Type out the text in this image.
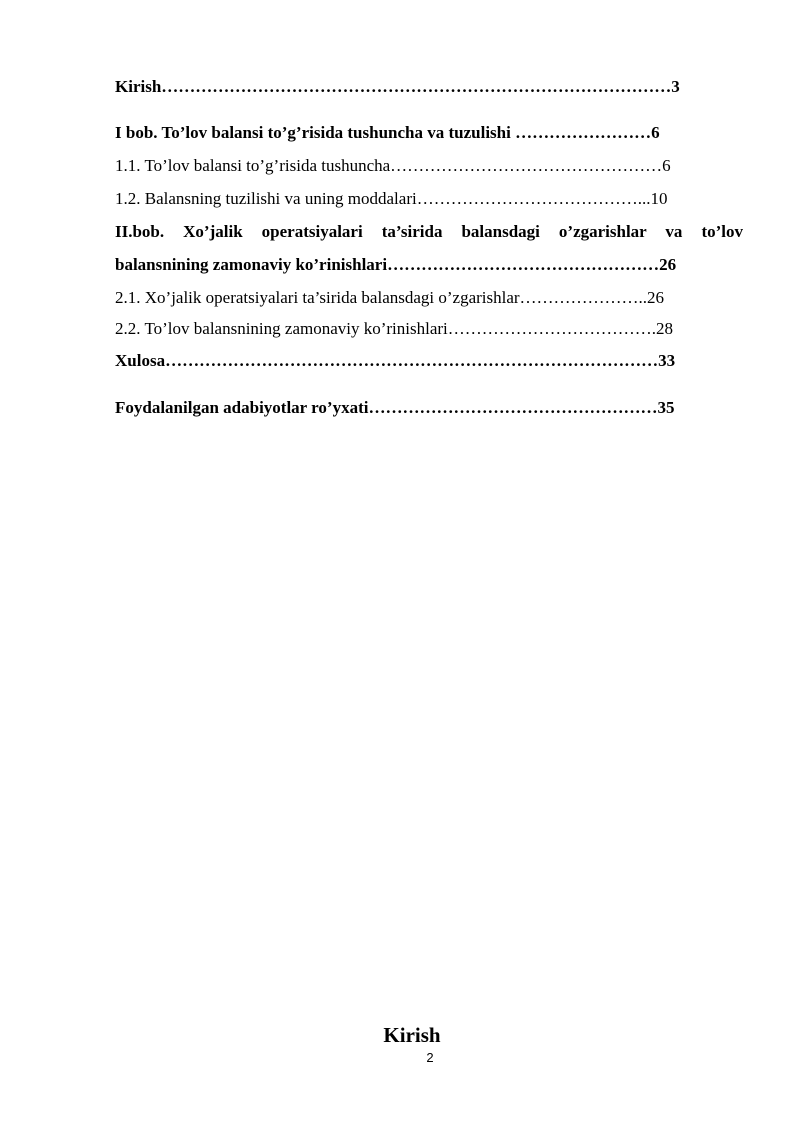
Kirish………………………………………………………………………………3
I bob. To’lov balansi to’g’risida tushuncha va tuzulishi ……………………6
1.1. To’lov balansi to’g’risida tushuncha…………………………………………6
1.2. Balansning tuzilishi va uning moddalari…………………………………...10
II.bob. Xo’jalik operatsiyalari ta’sirida balansdagi o’zgarishlar va to’lov
balansnining zamonaviy ko’rinishlari…………………………………………26
2.1. Xo’jalik operatsiyalari ta’sirida balansdagi o’zgarishlar…………………..26
2.2. To’lov balansnining zamonaviy ko’rinishlari……………………………….28
Xulosa……………………………………………………………………………33
Foydalanilgan adabiyotlar ro’yxati……………………………………………35
Kirish
2
